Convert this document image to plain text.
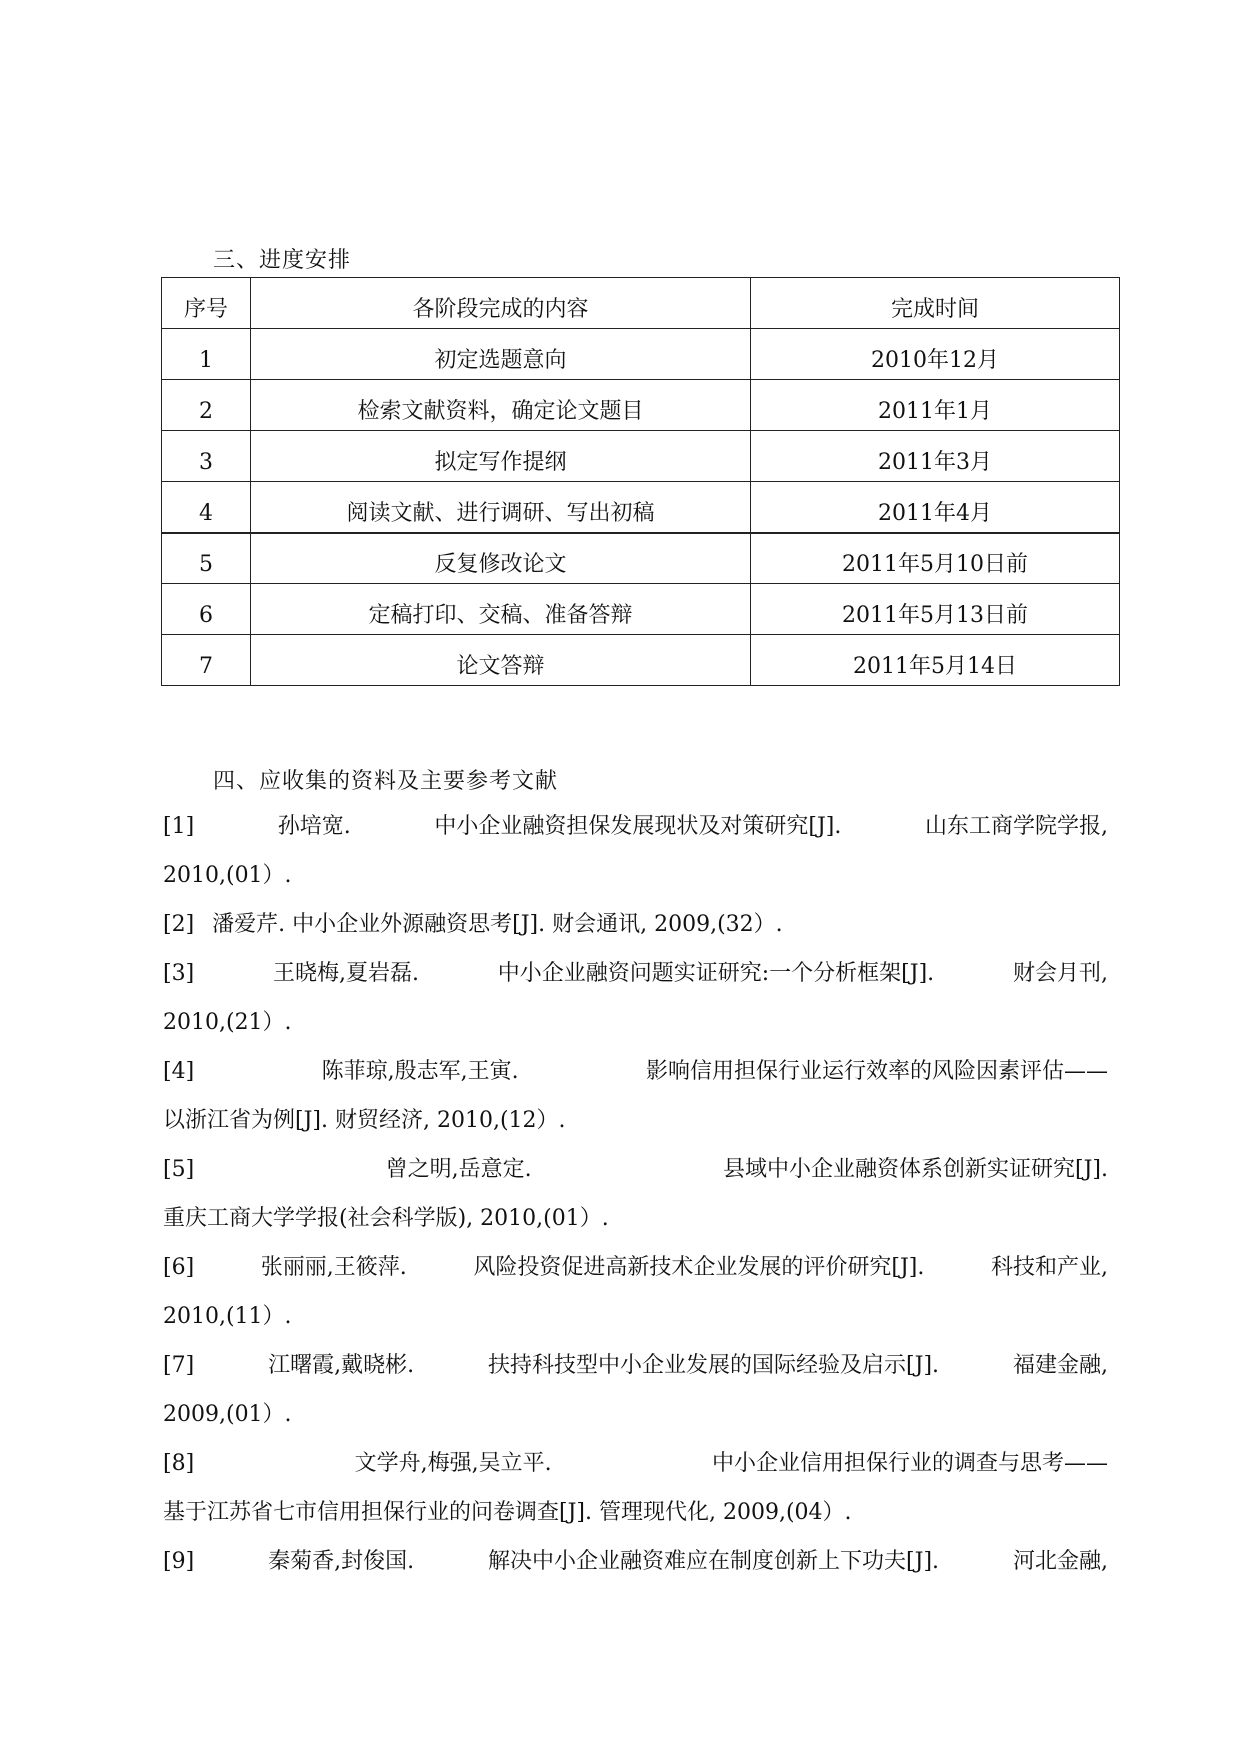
三、进度安排
序号	各阶段完成的内容	完成时间
1	初定选题意向	2010年12月
2	检索文献资料，确定论文题目	2011年1月
3	拟定写作提纲	2011年3月
4	阅读文献、进行调研、写出初稿	2011年4月
5	反复修改论文	2011年5月10日前
6	定稿打印、交稿、准备答辩	2011年5月13日前
7	论文答辩	2011年5月14日
四、应收集的资料及主要参考文献
[1]	孙培宽.	中小企业融资担保发展现状及对策研究[J].	山东工商学院学报,
2010,(01）.
[2] 潘爱芹. 中小企业外源融资思考[J]. 财会通讯, 2009,(32）.
[3]	王晓梅,夏岩磊.	中小企业融资问题实证研究:一个分析框架[J].	财会月刊,
2010,(21）.
[4]	陈菲琼,殷志军,王寅.	影响信用担保行业运行效率的风险因素评估——
以浙江省为例[J]. 财贸经济, 2010,(12）.
[5]	曾之明,岳意定.	县域中小企业融资体系创新实证研究[J].
重庆工商大学学报(社会科学版), 2010,(01）.
[6]	张丽丽,王筱萍.	风险投资促进高新技术企业发展的评价研究[J].	科技和产业,
2010,(11）.
[7]	江曙霞,戴晓彬.	扶持科技型中小企业发展的国际经验及启示[J].	福建金融,
2009,(01）.
[8]	文学舟,梅强,吴立平.	中小企业信用担保行业的调查与思考——
基于江苏省七市信用担保行业的问卷调查[J]. 管理现代化, 2009,(04）.
[9]	秦菊香,封俊国.	解决中小企业融资难应在制度创新上下功夫[J].	河北金融,
